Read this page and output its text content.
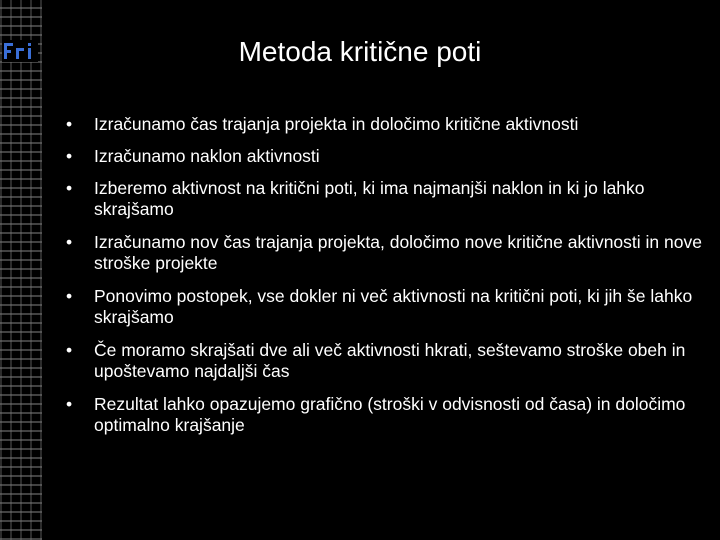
Metoda kritične poti
• Izračunamo čas trajanja projekta in določimo kritične aktivnosti
• Izračunamo naklon aktivnosti
• Izberemo aktivnost na kritični poti, ki ima najmanjši naklon in ki jo lahko skrajšamo
• Izračunamo nov čas trajanja projekta, določimo nove kritične aktivnosti in nove stroške projekte
• Ponovimo postopek, vse dokler ni več aktivnosti na kritični poti, ki jih še lahko skrajšamo
• Če moramo skrajšati dve ali več aktivnosti hkrati, seštevamo stroške obeh in upoštevamo najdaljši čas
• Rezultat lahko opazujemo grafično (stroški v odvisnosti od časa) in določimo optimalno krajšanje
